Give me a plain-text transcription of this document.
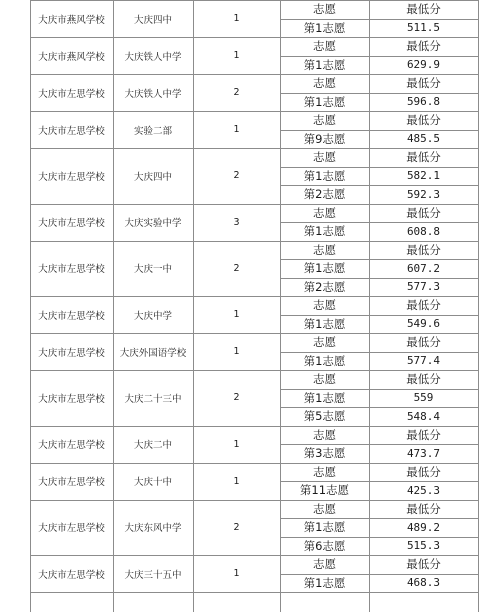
大庆市燕风学校	大庆四中	1
志愿	最低分
第1志愿	511.5
大庆市燕风学校	大庆铁人中学	1
志愿	最低分
第1志愿	629.9
大庆市左思学校	大庆铁人中学	2
志愿	最低分
第1志愿	596.8
大庆市左思学校	实验二部	1
志愿	最低分
第9志愿	485.5
大庆市左思学校	大庆四中	2
志愿	最低分
第1志愿	582.1
第2志愿	592.3
大庆市左思学校	大庆实验中学	3
志愿	最低分
第1志愿	608.8
大庆市左思学校	大庆一中	2
志愿	最低分
第1志愿	607.2
第2志愿	577.3
大庆市左思学校	大庆中学	1
志愿	最低分
第1志愿	549.6
大庆市左思学校	大庆外国语学校	1
志愿	最低分
第1志愿	577.4
大庆市左思学校	大庆二十三中	2
志愿	最低分
第1志愿	559
第5志愿	548.4
大庆市左思学校	大庆二中	1
志愿	最低分
第3志愿	473.7
大庆市左思学校	大庆十中	1
志愿	最低分
第11志愿	425.3
大庆市左思学校	大庆东风中学	2
志愿	最低分
第1志愿	489.2
第6志愿	515.3
大庆市左思学校	大庆三十五中	1
志愿	最低分
第1志愿	468.3
